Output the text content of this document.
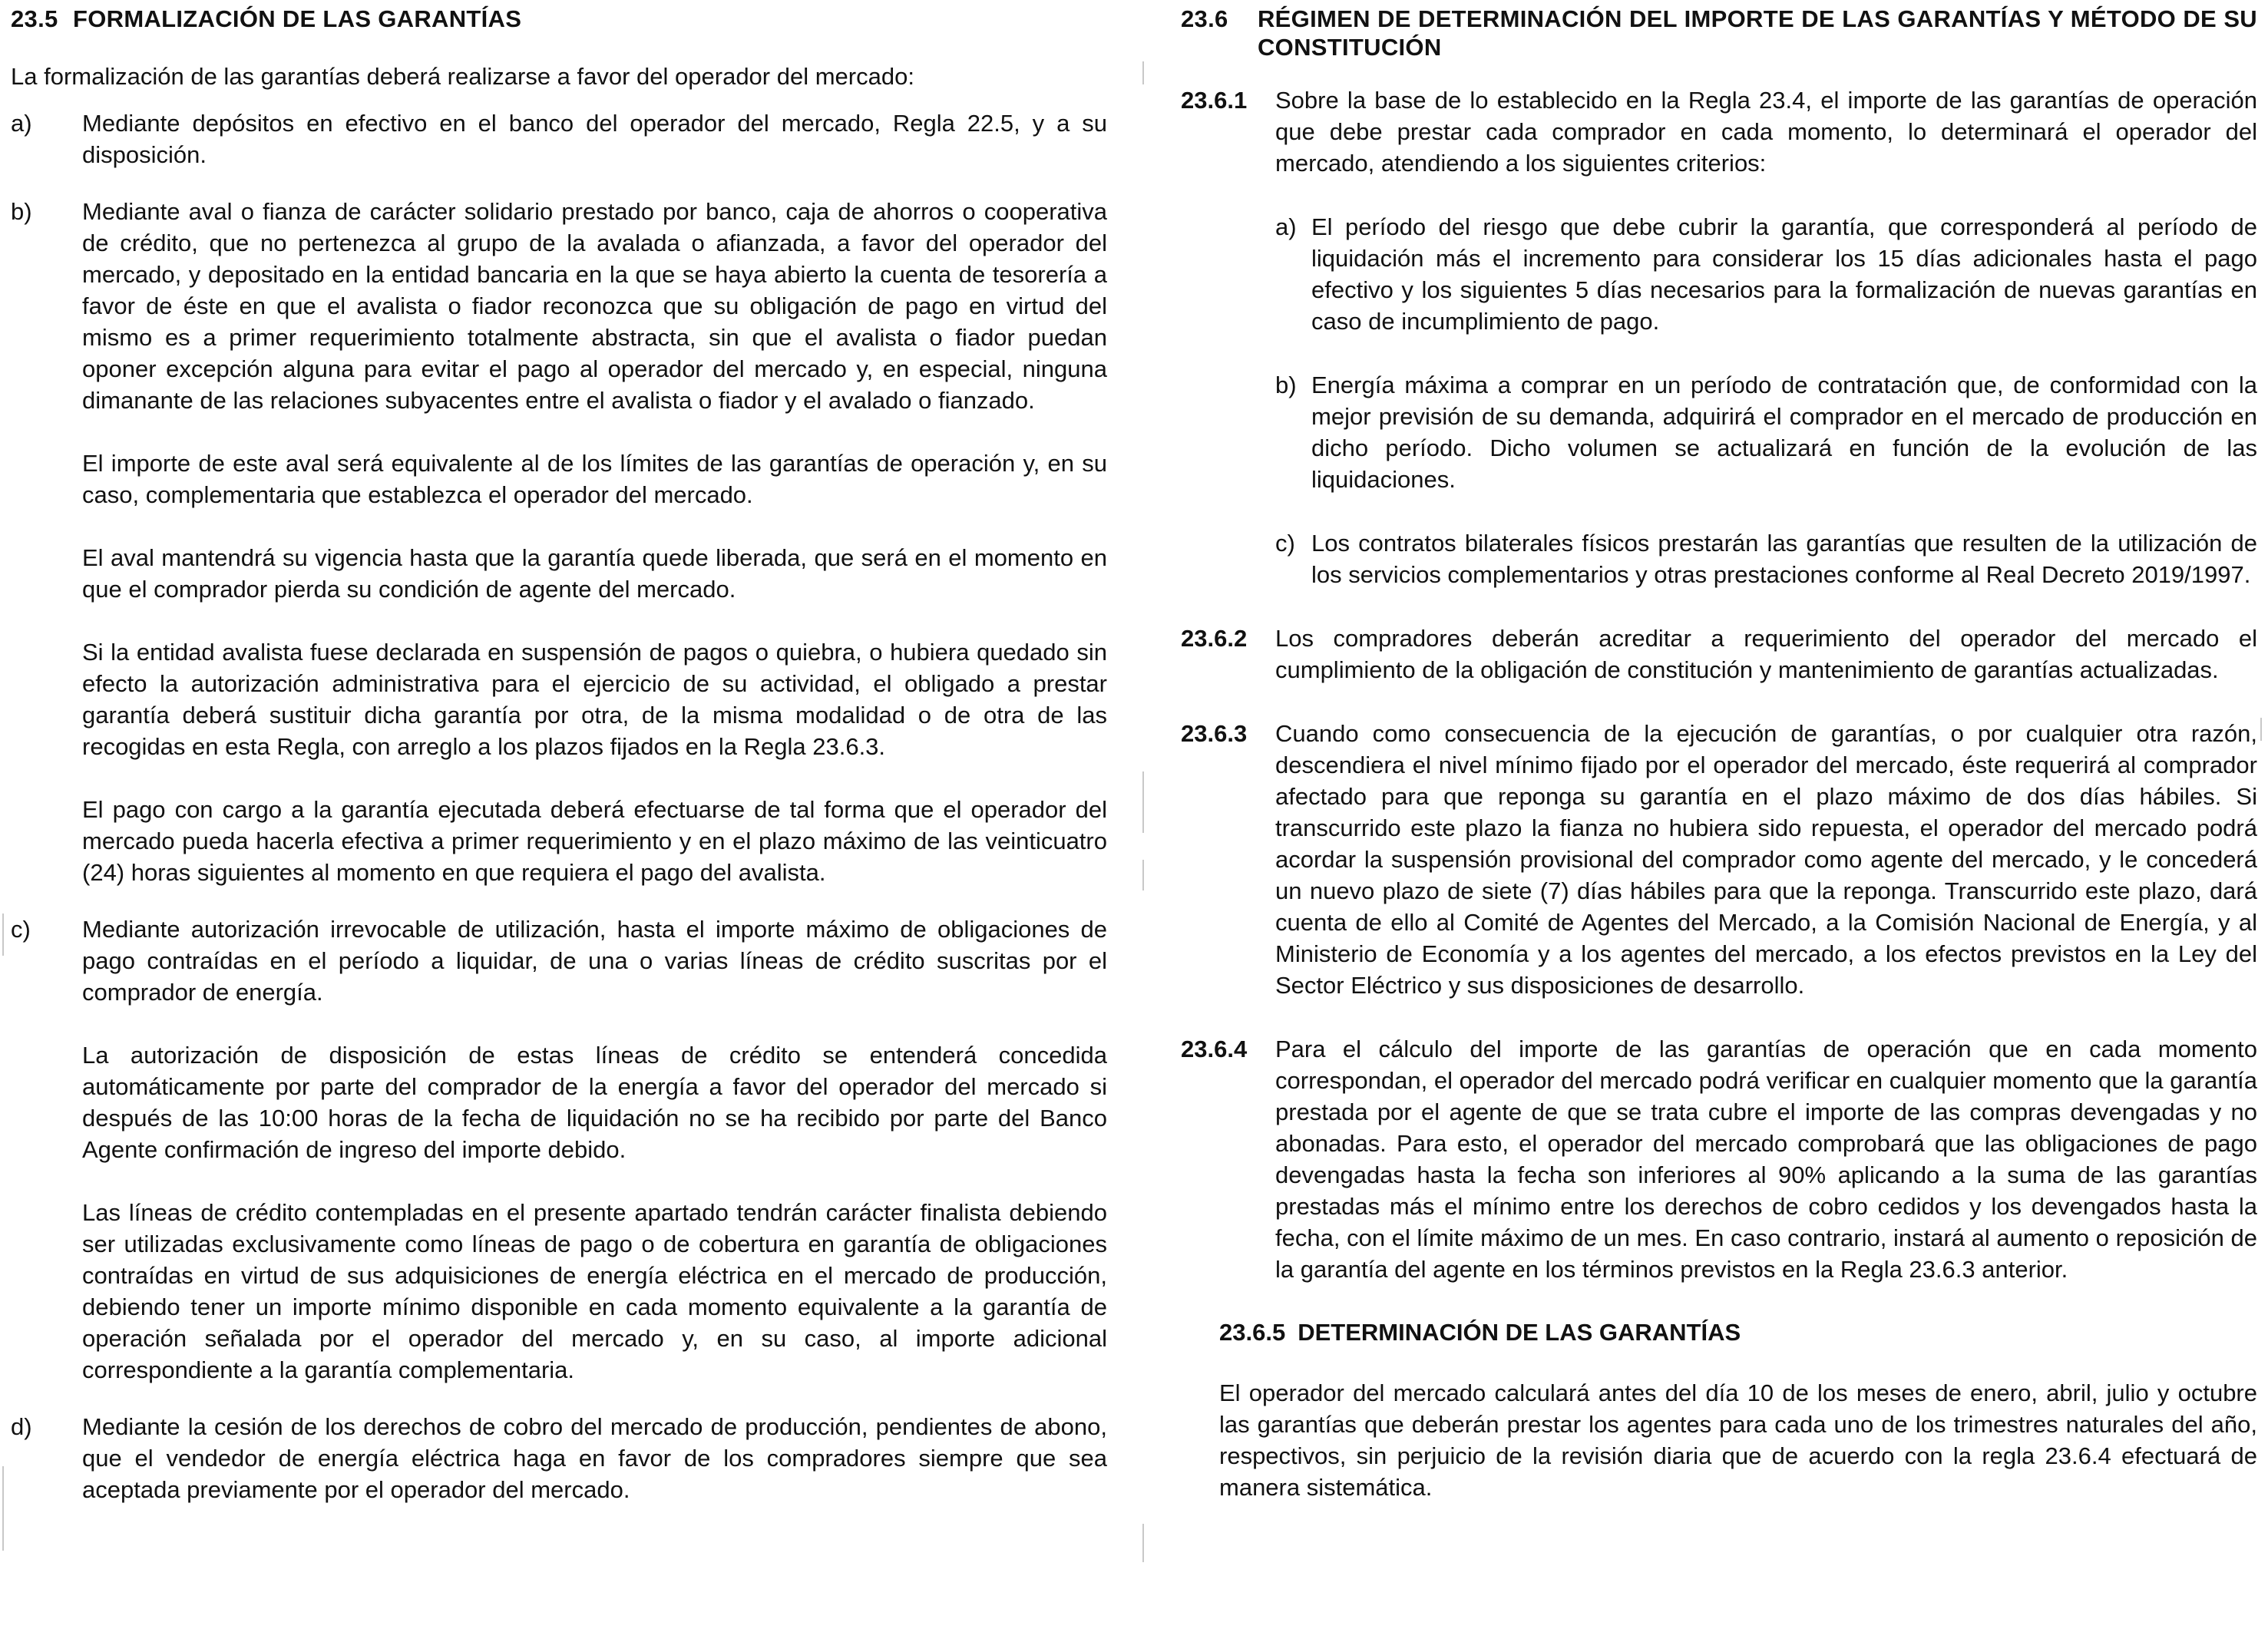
23.5 FORMALIZACIÓN DE LAS GARANTÍAS

La formalización de las garantías deberá realizarse a favor del operador del mercado:

a)	Mediante depósitos en efectivo en el banco del operador del mercado, Regla 22.5, y a su disposición.

b)	Mediante aval o fianza de carácter solidario prestado por banco, caja de ahorros o cooperativa de crédito, que no pertenezca al grupo de la avalada o afianzada, a favor del operador del mercado, y depositado en la entidad bancaria en la que se haya abierto la cuenta de tesorería a favor de éste en que el avalista o fiador reconozca que su obligación de pago en virtud del mismo es a primer requerimiento totalmente abstracta, sin que el avalista o fiador puedan oponer excepción alguna para evitar el pago al operador del mercado y, en especial, ninguna dimanante de las relaciones subyacentes entre el avalista o fiador y el avalado o fianzado.

El importe de este aval será equivalente al de los límites de las garantías de operación y, en su caso, complementaria que establezca el operador del mercado.

El aval mantendrá su vigencia hasta que la garantía quede liberada, que será en el momento en que el comprador pierda su condición de agente del mercado.

Si la entidad avalista fuese declarada en suspensión de pagos o quiebra, o hubiera quedado sin efecto la autorización administrativa para el ejercicio de su actividad, el obligado a prestar garantía deberá sustituir dicha garantía por otra, de la misma modalidad o de otra de las recogidas en esta Regla, con arreglo a los plazos fijados en la Regla 23.6.3.

El pago con cargo a la garantía ejecutada deberá efectuarse de tal forma que el operador del mercado pueda hacerla efectiva a primer requerimiento y en el plazo máximo de las veinticuatro (24) horas siguientes al momento en que requiera el pago del avalista.

c)	Mediante autorización irrevocable de utilización, hasta el importe máximo de obligaciones de pago contraídas en el período a liquidar, de una o varias líneas de crédito suscritas por el comprador de energía.

La autorización de disposición de estas líneas de crédito se entenderá concedida automáticamente por parte del comprador de la energía a favor del operador del mercado si después de las 10:00 horas de la fecha de liquidación no se ha recibido por parte del Banco Agente confirmación de ingreso del importe debido.

Las líneas de crédito contempladas en el presente apartado tendrán carácter finalista debiendo ser utilizadas exclusivamente como líneas de pago o de cobertura en garantía de obligaciones contraídas en virtud de sus adquisiciones de energía eléctrica en el mercado de producción, debiendo tener un importe mínimo disponible en cada momento equivalente a la garantía de operación señalada por el operador del mercado y, en su caso, al importe adicional correspondiente a la garantía complementaria.

d)	Mediante la cesión de los derechos de cobro del mercado de producción, pendientes de abono, que el vendedor de energía eléctrica haga en favor de los compradores siempre que sea aceptada previamente por el operador del mercado.

23.6	RÉGIMEN DE DETERMINACIÓN DEL IMPORTE DE LAS GARANTÍAS Y MÉTODO DE SU CONSTITUCIÓN
23.6.1	Sobre la base de lo establecido en la Regla 23.4, el importe de las garantías de operación que debe prestar cada comprador en cada momento, lo determinará el operador del mercado, atendiendo a los siguientes criterios:

a) El período del riesgo que debe cubrir la garantía, que corresponderá al período de liquidación más el incremento para considerar los 15 días adicionales hasta el pago efectivo y los siguientes 5 días necesarios para la formalización de nuevas garantías en caso de incumplimiento de pago.

b) Energía máxima a comprar en un período de contratación que, de conformidad con la mejor previsión de su demanda, adquirirá el comprador en el mercado de producción en dicho período. Dicho volumen se actualizará en función de la evolución de las liquidaciones.

c) Los contratos bilaterales físicos prestarán las garantías que resulten de la utilización de los servicios complementarios y otras prestaciones conforme al Real Decreto 2019/1997.

23.6.2	Los compradores deberán acreditar a requerimiento del operador del mercado el cumplimiento de la obligación de constitución y mantenimiento de garantías actualizadas.

23.6.3	Cuando como consecuencia de la ejecución de garantías, o por cualquier otra razón, descendiera el nivel mínimo fijado por el operador del mercado, éste requerirá al comprador afectado para que reponga su garantía en el plazo máximo de dos días hábiles. Si transcurrido este plazo la fianza no hubiera sido repuesta, el operador del mercado podrá acordar la suspensión provisional del comprador como agente del mercado, y le concederá un nuevo plazo de siete (7) días hábiles para que la reponga. Transcurrido este plazo, dará cuenta de ello al Comité de Agentes del Mercado, a la Comisión Nacional de Energía, y al Ministerio de Economía y a los agentes del mercado, a los efectos previstos en la Ley del Sector Eléctrico y sus disposiciones de desarrollo.

23.6.4	Para el cálculo del importe de las garantías de operación que en cada momento correspondan, el operador del mercado podrá verificar en cualquier momento que la garantía prestada por el agente de que se trata cubre el importe de las compras devengadas y no abonadas. Para esto, el operador del mercado comprobará que las obligaciones de pago devengadas hasta la fecha son inferiores al 90% aplicando a la suma de las garantías prestadas más el mínimo entre los derechos de cobro cedidos y los devengados hasta la fecha, con el límite máximo de un mes. En caso contrario, instará al aumento o reposición de la garantía del agente en los términos previstos en la Regla 23.6.3 anterior.

23.6.5 DETERMINACIÓN DE LAS GARANTÍAS

El operador del mercado calculará antes del día 10 de los meses de enero, abril, julio y octubre las garantías que deberán prestar los agentes para cada uno de los trimestres naturales del año, respectivos, sin perjuicio de la revisión diaria que de acuerdo con la regla 23.6.4 efectuará de manera sistemática.
